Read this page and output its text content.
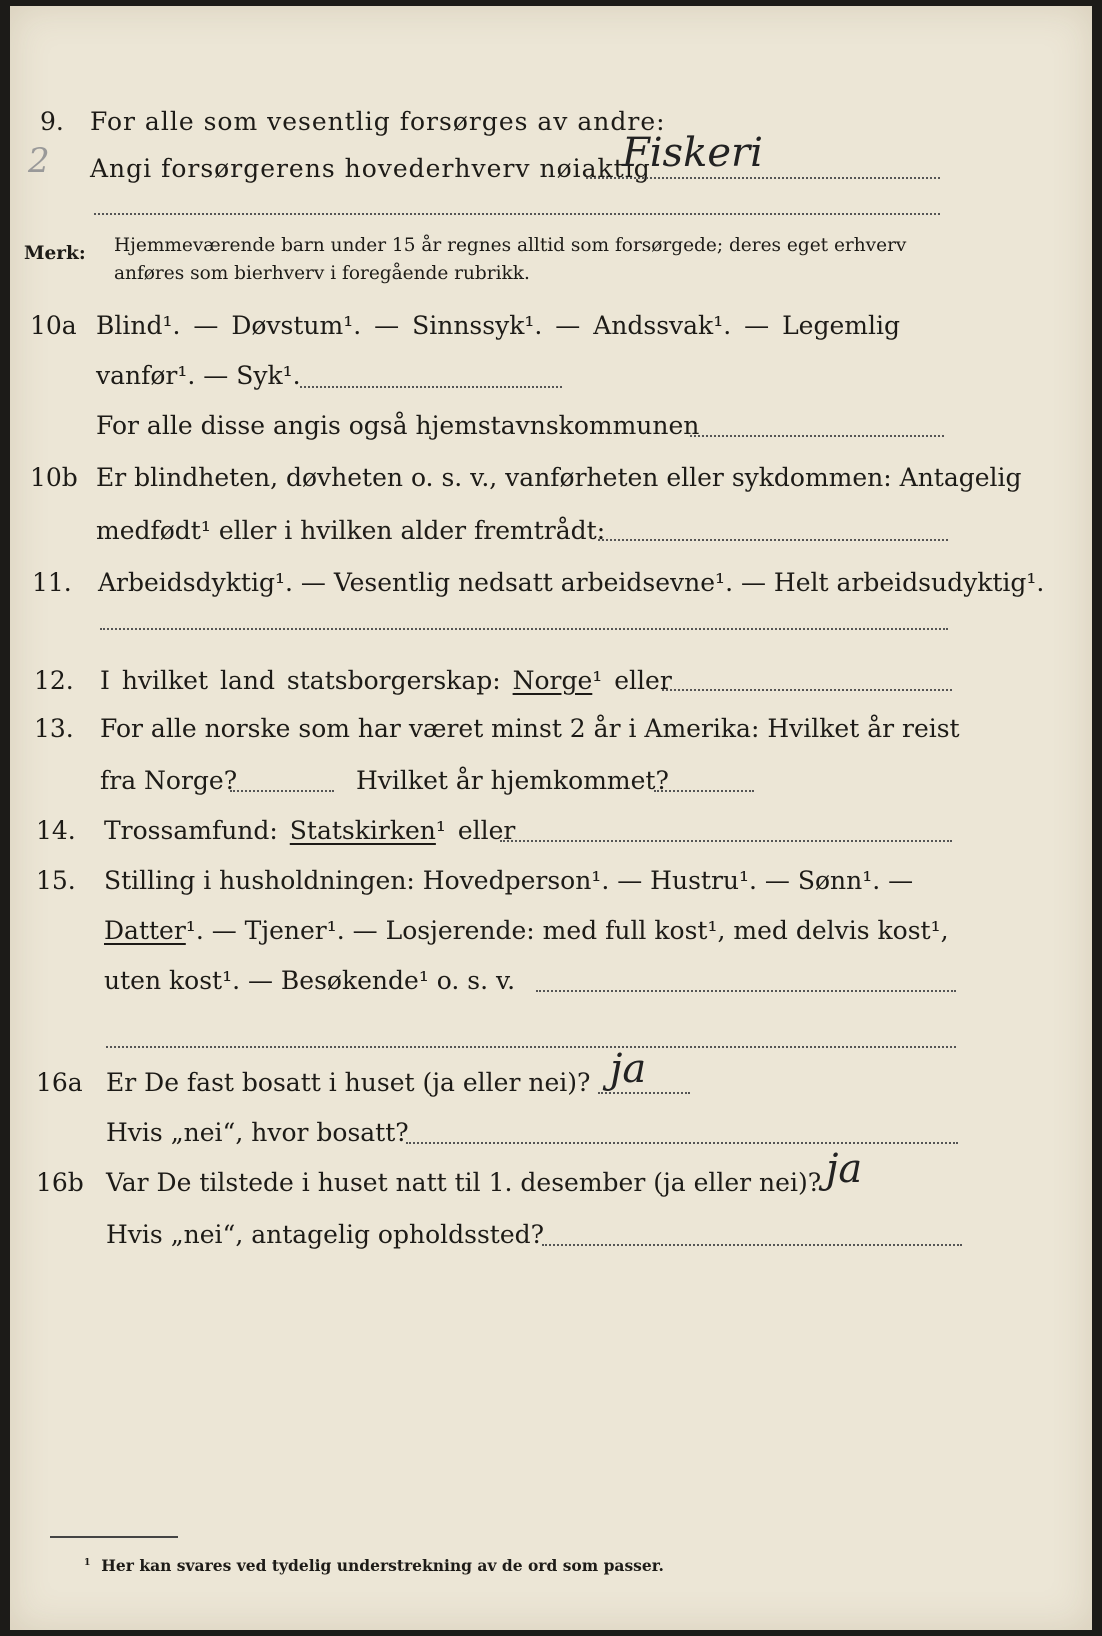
9.	For alle som vesentlig forsørges av andre:
2 Angi forsørgerens hovederhverv nøiaktig
Fiskeri
Merk: Hjemmeværende barn under 15 år regnes alltid som forsørgede; deres eget erhverv
anføres som bierhverv i foregående rubrikk.
10a Blind¹. — Døvstum¹. — Sinnssyk¹. — Andssvak¹. — Legemlig
vanfør¹. — Syk¹.
For alle disse angis også hjemstavnskommunen
10b Er blindheten, døvheten o. s. v., vanførheten eller sykdommen: Antagelig
medfødt¹ eller i hvilken alder fremtrådt:
11.	Arbeidsdyktig¹. — Vesentlig nedsatt arbeidsevne¹. — Helt arbeidsudyktig¹.
12.	I hvilket land statsborgerskap: Norge¹ eller
13.	For alle norske som har været minst 2 år i Amerika: Hvilket år reist
fra Norge?	Hvilket år hjemkommet?
14.	Trossamfund: Statskirken¹ eller
15.	Stilling i husholdningen: Hovedperson¹. — Hustru¹. — Sønn¹. —
Datter¹. — Tjener¹. — Losjerende: med full kost¹, med delvis kost¹,
uten kost¹. — Besøkende¹ o. s. v.
16a Er De fast bosatt i huset (ja eller nei)? ja
Hvis „nei“, hvor bosatt?
16b Var De tilstede i huset natt til 1. desember (ja eller nei)? ja
Hvis „nei“, antagelig opholdssted?
$^1$ Her kan svares ved tydelig understrekning av de ord som passer.
